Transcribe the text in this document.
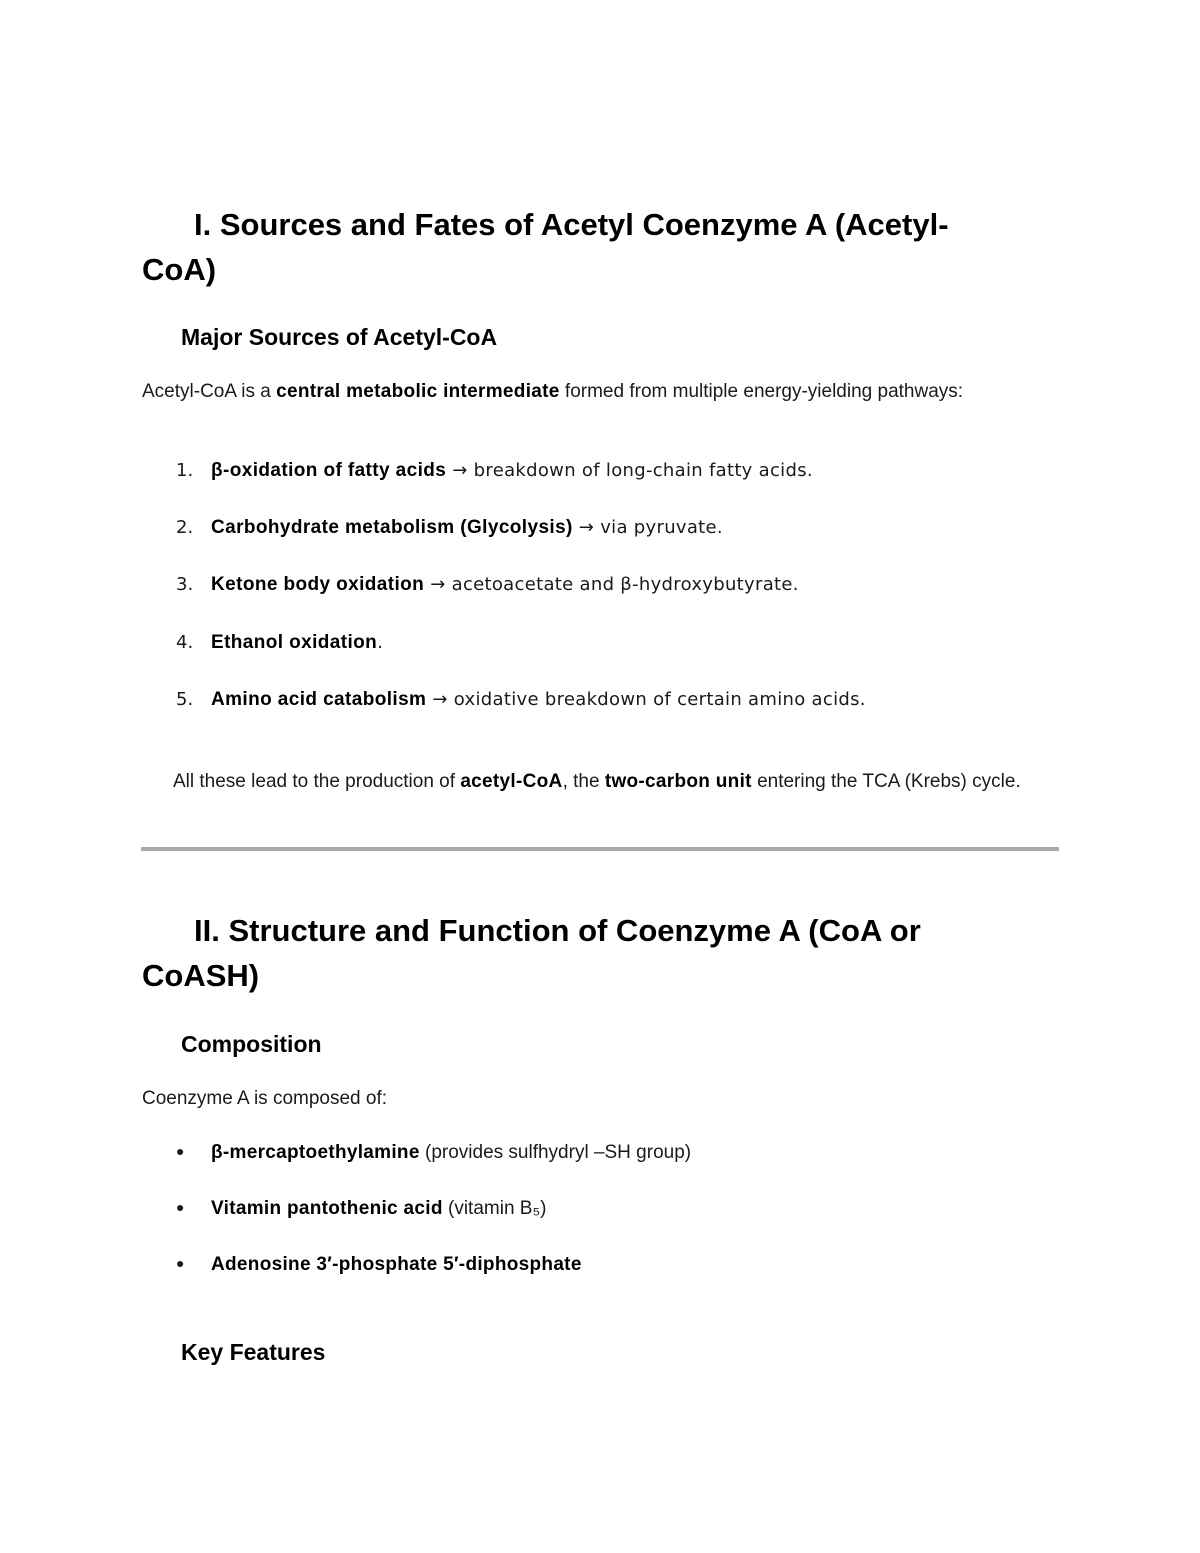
I. Sources and Fates of Acetyl Coenzyme A (Acetyl-
CoA)
Major Sources of Acetyl-CoA

Acetyl-CoA is a central metabolic intermediate formed from multiple energy-yielding pathways:

1. β-oxidation of fatty acids → breakdown of long-chain fatty acids.
2. Carbohydrate metabolism (Glycolysis) → via pyruvate.
3. Ketone body oxidation → acetoacetate and β-hydroxybutyrate.
4. Ethanol oxidation.
5. Amino acid catabolism → oxidative breakdown of certain amino acids.

All these lead to the production of acetyl-CoA, the two-carbon unit entering the TCA (Krebs) cycle.

II. Structure and Function of Coenzyme A (CoA or
CoASH)
Composition

Coenzyme A is composed of:

● β-mercaptoethylamine (provides sulfhydryl –SH group)
● Vitamin pantothenic acid (vitamin B₅)
● Adenosine 3′-phosphate 5′-diphosphate
Key Features
